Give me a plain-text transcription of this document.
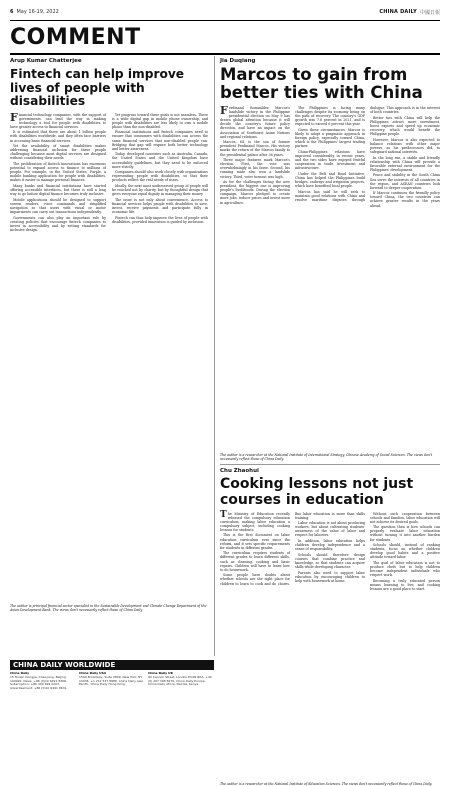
6 May 16-19, 2022	CHINA DAILY 中國日報
COMMENT
Arup Kumar Chatterjee
Fintech can help improve lives of people with disabilities

Financial technology companies, with the support of governments, can lead the way in making technology a tool for people with disabilities to have greater access to financial services.

It is estimated that there are about 1 billion people with disabilities worldwide, and they often face barriers in accessing basic financial services.

Yet the availability of smart disabilities makes addressing financial inclusion for these people challenging because most digital services are designed without considering their needs.

The proliferation of fintech innovations has enormous potential to expand access to finance to millions of people. For example, in the United States, Purple, a mobile banking application for people with disabilities, makes it easier to manage personal finances.

Many banks and financial institutions have started offering accessible interfaces, but there is still a long way to go before digital finance becomes truly inclusive.

Mobile applications should be designed to support screen readers, voice commands and simplified navigation so that users with visual or motor impairments can carry out transactions independently.

Governments can also play an important role by creating policies that encourage fintech companies to invest in accessibility and by setting standards for inclusive design.

Yet progress toward these goals is not seamless. There is a wide digital gap in mobile phone ownership, and people with disabilities are less likely to own a mobile phone than the non-disabled.

Financial institutions and fintech companies need to ensure that consumers with disabilities can access the same financial services that non-disabled people can. Bridging that gap will require both better technology and better awareness.

Today, developed countries such as Australia, Canada, the United States and the United Kingdom have accessibility guidelines, but they need to be enforced more strictly.

Companies should also work closely with organizations representing people with disabilities, so that their products reflect the real needs of users.

Ideally, the next most underserved group of people will be reached not by charity, but by thoughtful design that gives everyone equal dignity in managing their money.

The issue is not only about convenience. Access to financial services helps people with disabilities to save, invest, receive payments and participate fully in economic life.

Fintech can thus help improve the lives of people with disabilities, provided innovation is guided by inclusion.

The author is principal financial sector specialist in the Sustainable Development and Climate Change Department of the Asian Development Bank. The views don't necessarily reflect those of China Daily.
Jia Duqiang
Marcos to gain from better ties with China

Ferdinand Romualdez Marcos's landslide victory in the Philippine presidential election on May 9 has drawn global attention because it will decide the country's future policy direction, and have an impact on the Association of Southeast Asian Nations and regional relations.

Marcos, 64, is the son of former president Ferdinand Marcos. His victory marks the return of the Marcos family to the presidential palace after 36 years.

Three major features mark Marcos's election. First, the vote was overwhelmingly in his favor. Second, his running mate also won a landslide victory. Third, voter turnout was high.

As for the challenges facing the new president, the biggest one is improving people's livelihoods. During the election campaign, Marcos pledged to create more jobs, reduce prices and invest more in agriculture.

The Philippines is facing many challenges despite its economy being on the path of recovery. The country's GDP growth was 7.6 percent in 2021, and is expected to exceed 6 percent this year.

Given these circumstances, Marcos is likely to adopt a pragmatic approach in foreign policy, especially toward China, which is the Philippines' largest trading partner.

China-Philippines relations have improved considerably in recent years, and the two sides have enjoyed fruitful cooperation in trade, investment and infrastructure.

Under the Belt and Road Initiative, China has helped the Philippines build bridges, railways and irrigation projects, which have benefited local people.

Marcos has said he will seek to maintain good relations with China and resolve maritime disputes through dialogue. This approach is in the interest of both countries.

Better ties with China will help the Philippines attract more investment, boost exports and speed up economic recovery, which would benefit the Philippine people.

However, Marcos is also expected to balance relations with other major powers, as his predecessors did, to safeguard national interests.

In the long run, a stable and friendly relationship with China will provide a favorable external environment for the Philippines' development.

Peace and stability in the South China Sea serve the interests of all countries in the region, and ASEAN countries look forward to deeper cooperation.

If Marcos continues the friendly policy toward China, the two countries can achieve greater results in the years ahead.

The author is a researcher at the National Institute of International Strategy, Chinese Academy of Social Sciences. The views don't necessarily reflect those of China Daily.
Chu Zhaohui
Cooking lessons not just courses in education

The Ministry of Education recently released the compulsory education curriculum, making labor education a compulsory subject, including cooking lessons for students.

This is the first document on labor education curriculum ever since the reform, and it sets specific requirements for students in different grades.

The curriculum requires students of different grades to learn different skills, such as cleaning, cooking and basic repairs. Children will have to learn how to do housework.

Some people have doubts about whether schools are the right place for children to learn to cook and do chores. But labor education is more than skills training.

Labor education is not about producing workers, but about cultivating students' awareness of the value of labor and respect for laborers.

In addition, labor education helps children develop independence and a sense of responsibility.

Schools should therefore design courses that combine practice and knowledge, so that students can acquire skills while developing character.

Parents also need to support labor education by encouraging children to help with housework at home.

Without such cooperation between schools and families, labor education will not achieve its desired goals.

The question then is how schools can properly evaluate labor education without turning it into another burden for students.

Schools should, instead of ranking students, focus on whether children develop good habits and a positive attitude toward labor.

The goal of labor education is not to produce chefs but to help children become independent individuals who respect work.

Becoming a truly educated person means learning to live, and cooking lessons are a good place to start.

The author is a researcher at the National Institute of Education Sciences. The views don't necessarily reflect those of China Daily.
CHINA DAILY WORLDWIDE
China Daily
15 Huixin Dongjie, Chaoyang, Beijing 100029. News: +86 (0)10 6491 8366. Subscription: +86 400 699 0203. Advertisement: +86 (0)10 6491 8631.
China Daily USA
1500 Broadway, Suite 2800, New York, NY 10036. +1 212 537 8888. China Daily Asia Pacific, China Daily Hong Kong.
China Daily UK
90 Cannon Street, London EC4N 6HA. +44 (0) 207 398 8270. China Daily Europe, China Daily Africa, Nairobi, Kenya.
